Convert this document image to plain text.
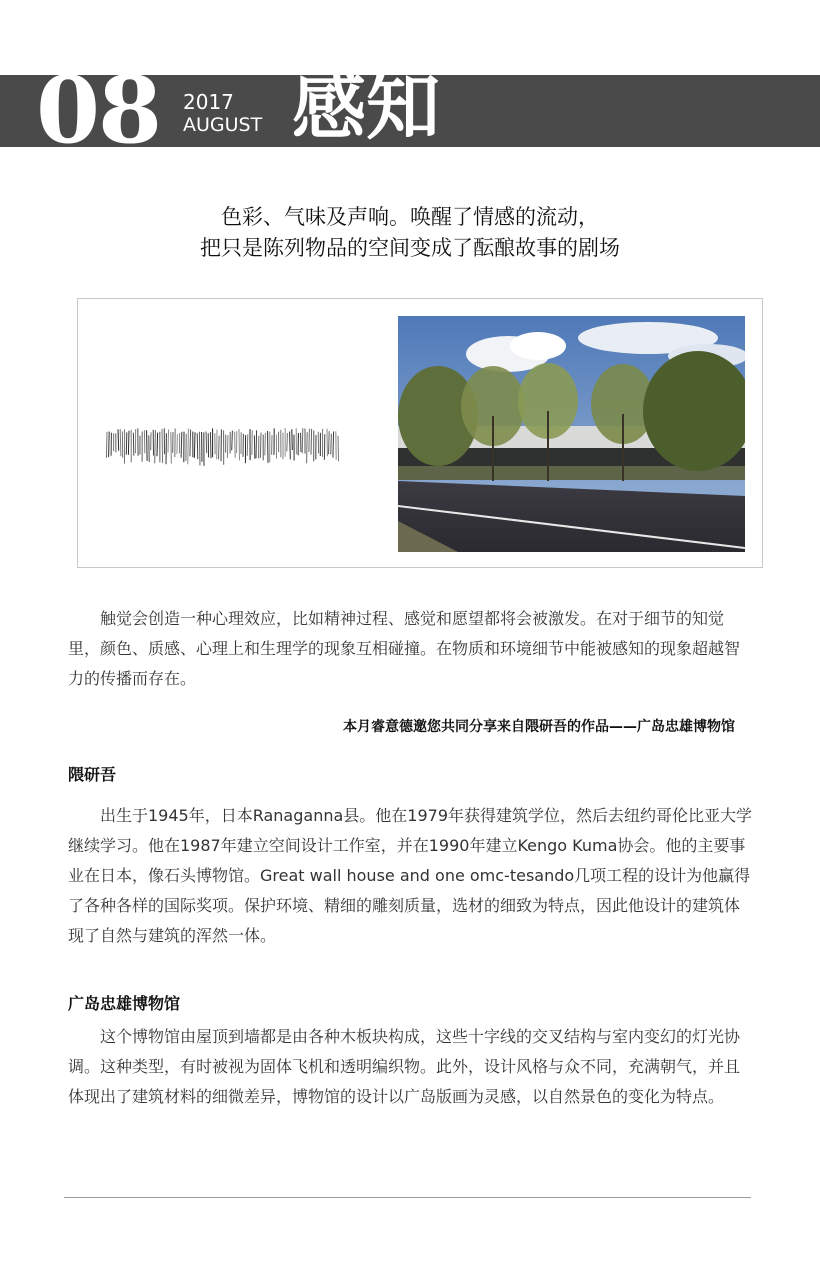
08 2017
AUGUST 感知
色彩、气味及声响。唤醒了情感的流动，
把只是陈列物品的空间变成了酝酿故事的剧场

触觉会创造一种心理效应，比如精神过程、感觉和愿望都将会被激发。在对于细节的知觉里，颜色、质感、心理上和生理学的现象互相碰撞。在物质和环境细节中能被感知的现象超越智力的传播而存在。

本月睿意德邀您共同分享来自隈研吾的作品——广岛忠雄博物馆
隈研吾

出生于1945年，日本Ranaganna县。他在1979年获得建筑学位，然后去纽约哥伦比亚大学继续学习。他在1987年建立空间设计工作室，并在1990年建立Kengo Kuma协会。他的主要事业在日本，像石头博物馆。Great wall house and one omc-tesando几项工程的设计为他赢得了各种各样的国际奖项。保护环境、精细的雕刻质量，选材的细致为特点，因此他设计的建筑体现了自然与建筑的浑然一体。

广岛忠雄博物馆

这个博物馆由屋顶到墙都是由各种木板块构成，这些十字线的交叉结构与室内变幻的灯光协调。这种类型，有时被视为固体飞机和透明编织物。此外，设计风格与众不同，充满朝气，并且体现出了建筑材料的细微差异，博物馆的设计以广岛版画为灵感，以自然景色的变化为特点。
